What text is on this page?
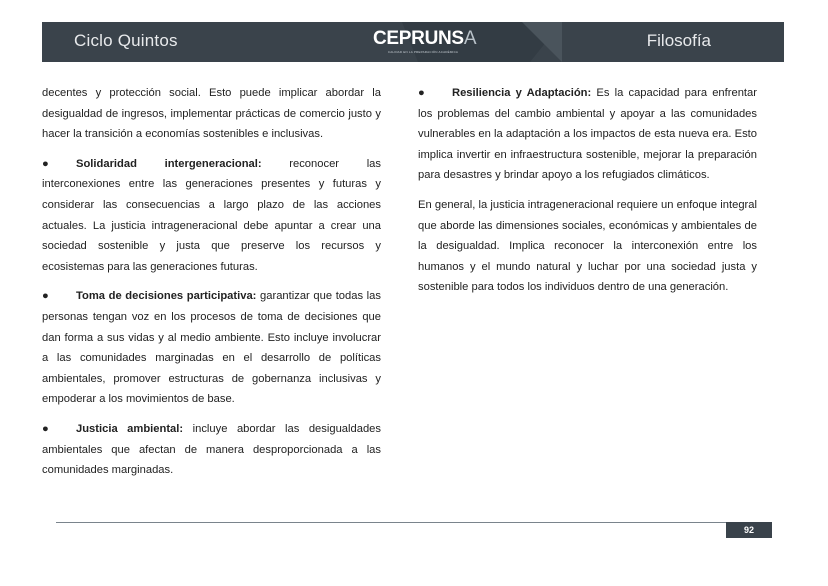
Ciclo Quintos	CEPRUNSA
CALIDAD EN LA PREPARACIÓN ACADÉMICA
Filosofía

decentes y protección social. Esto puede implicar abordar la desigualdad de ingresos, implementar prácticas de comercio justo y hacer la transición a economías sostenibles e inclusivas.

● Solidaridad intergeneracional: reconocer las interconexiones entre las generaciones presentes y futuras y considerar las consecuencias a largo plazo de las acciones actuales. La justicia intrageneracional debe apuntar a crear una sociedad sostenible y justa que preserve los recursos y ecosistemas para las generaciones futuras.

● Toma de decisiones participativa: garantizar que todas las personas tengan voz en los procesos de toma de decisiones que dan forma a sus vidas y al medio ambiente. Esto incluye involucrar a las comunidades marginadas en el desarrollo de políticas ambientales, promover estructuras de gobernanza inclusivas y empoderar a los movimientos de base.

● Justicia ambiental: incluye abordar las desigualdades ambientales que afectan de manera desproporcionada a las comunidades marginadas.

● Resiliencia y Adaptación: Es la capacidad para enfrentar los problemas del cambio ambiental y apoyar a las comunidades vulnerables en la adaptación a los impactos de esta nueva era. Esto implica invertir en infraestructura sostenible, mejorar la preparación para desastres y brindar apoyo a los refugiados climáticos.

En general, la justicia intrageneracional requiere un enfoque integral que aborde las dimensiones sociales, económicas y ambientales de la desigualdad. Implica reconocer la interconexión entre los humanos y el mundo natural y luchar por una sociedad justa y sostenible para todos los individuos dentro de una generación.

92
